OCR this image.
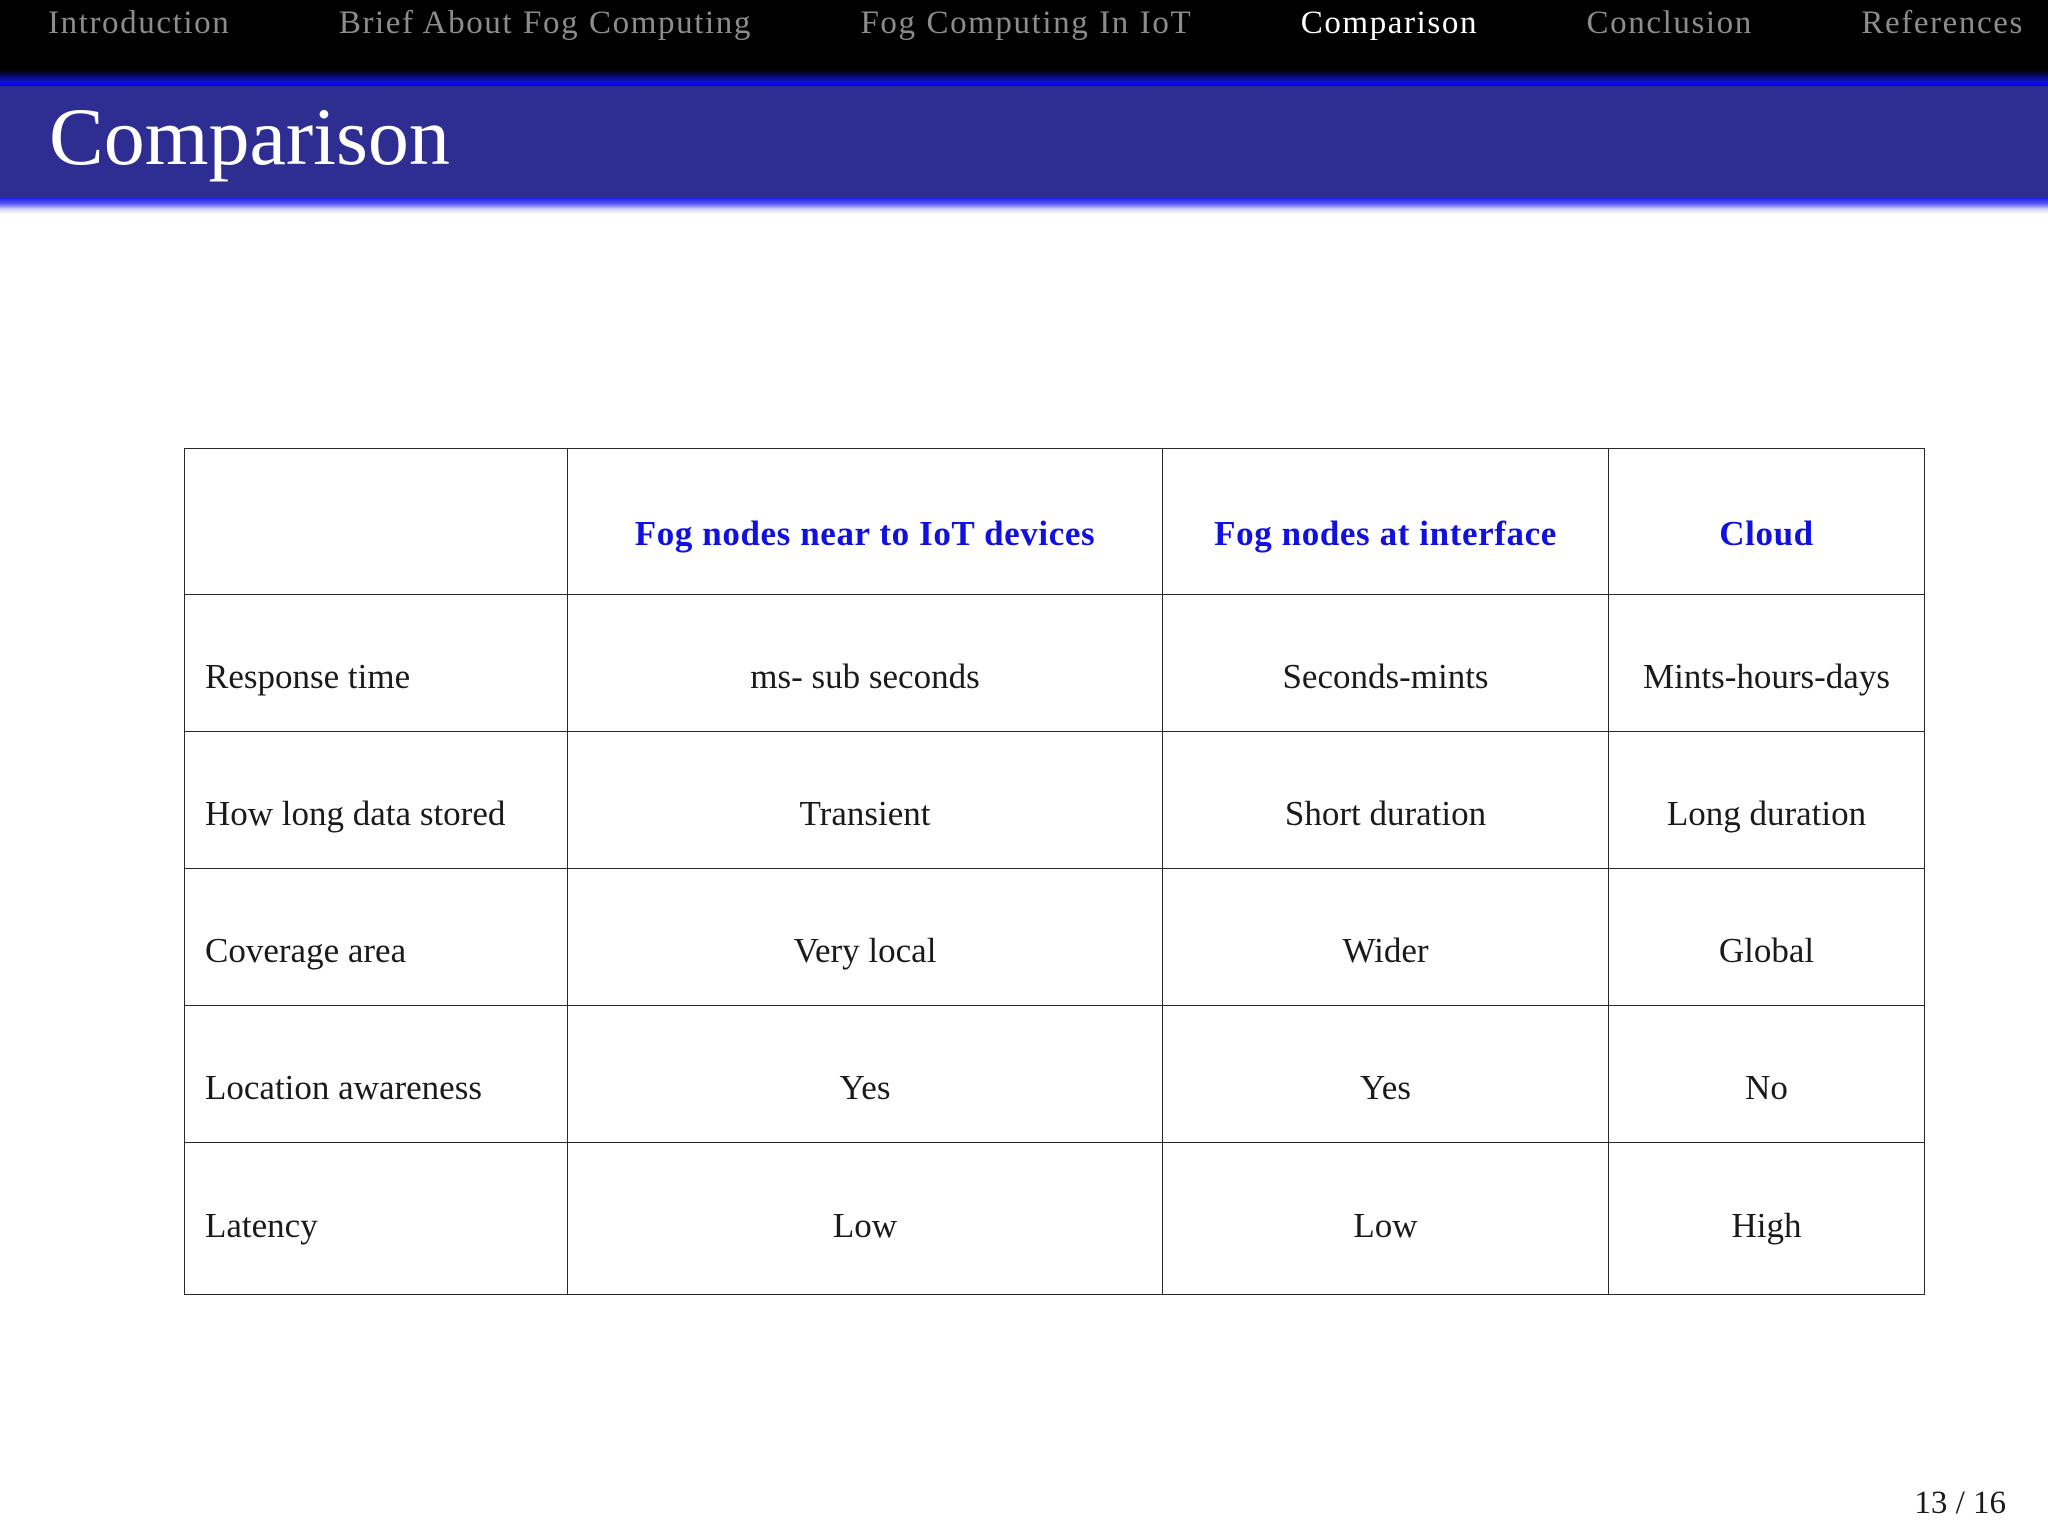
Introduction	Brief About Fog Computing	Fog Computing In IoT	Comparison	Conclusion	References
Comparison
	Fog nodes near to IoT devices	Fog nodes at interface	Cloud
Response time	ms- sub seconds	Seconds-mints	Mints-hours-days
How long data stored	Transient	Short duration	Long duration
Coverage area	Very local	Wider	Global
Location awareness	Yes	Yes	No
Latency	Low	Low	High
13 / 16
